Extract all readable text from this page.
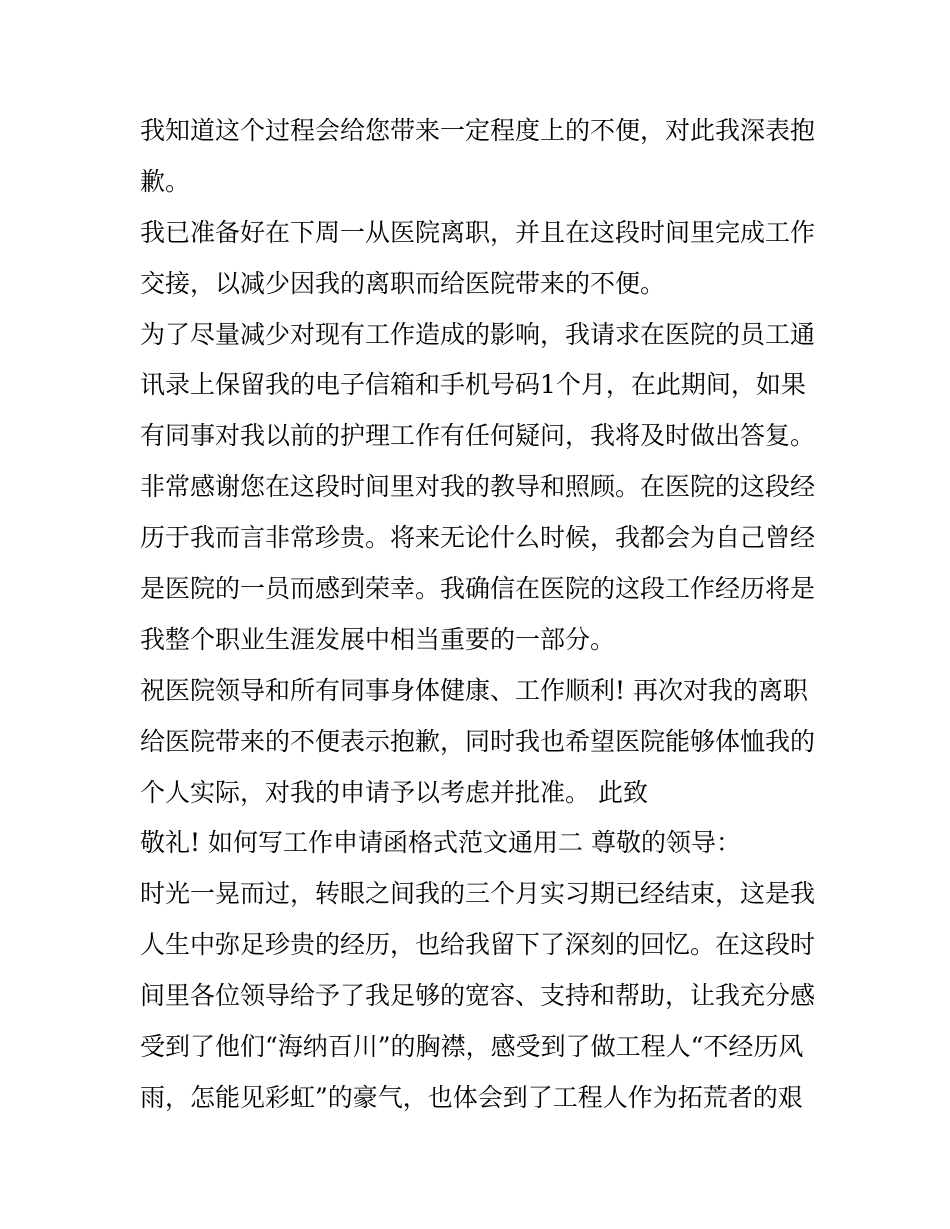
我知道这个过程会给您带来一定程度上的不便，对此我深表抱
歉。
我已准备好在下周一从医院离职，并且在这段时间里完成工作
交接，以减少因我的离职而给医院带来的不便。
为了尽量减少对现有工作造成的影响，我请求在医院的员工通
讯录上保留我的电子信箱和手机号码1个月，在此期间，如果
有同事对我以前的护理工作有任何疑问，我将及时做出答复。
非常感谢您在这段时间里对我的教导和照顾。在医院的这段经
历于我而言非常珍贵。将来无论什么时候，我都会为自己曾经
是医院的一员而感到荣幸。我确信在医院的这段工作经历将是
我整个职业生涯发展中相当重要的一部分。
祝医院领导和所有同事身体健康、工作顺利! 再次对我的离职
给医院带来的不便表示抱歉，同时我也希望医院能够体恤我的
个人实际，对我的申请予以考虑并批准。 此致
敬礼! 如何写工作申请函格式范文通用二 尊敬的领导：
时光一晃而过，转眼之间我的三个月实习期已经结束，这是我
人生中弥足珍贵的经历，也给我留下了深刻的回忆。在这段时
间里各位领导给予了我足够的宽容、支持和帮助，让我充分感
受到了他们“海纳百川”的胸襟，感受到了做工程人“不经历风
雨，怎能见彩虹”的豪气，也体会到了工程人作为拓荒者的艰
